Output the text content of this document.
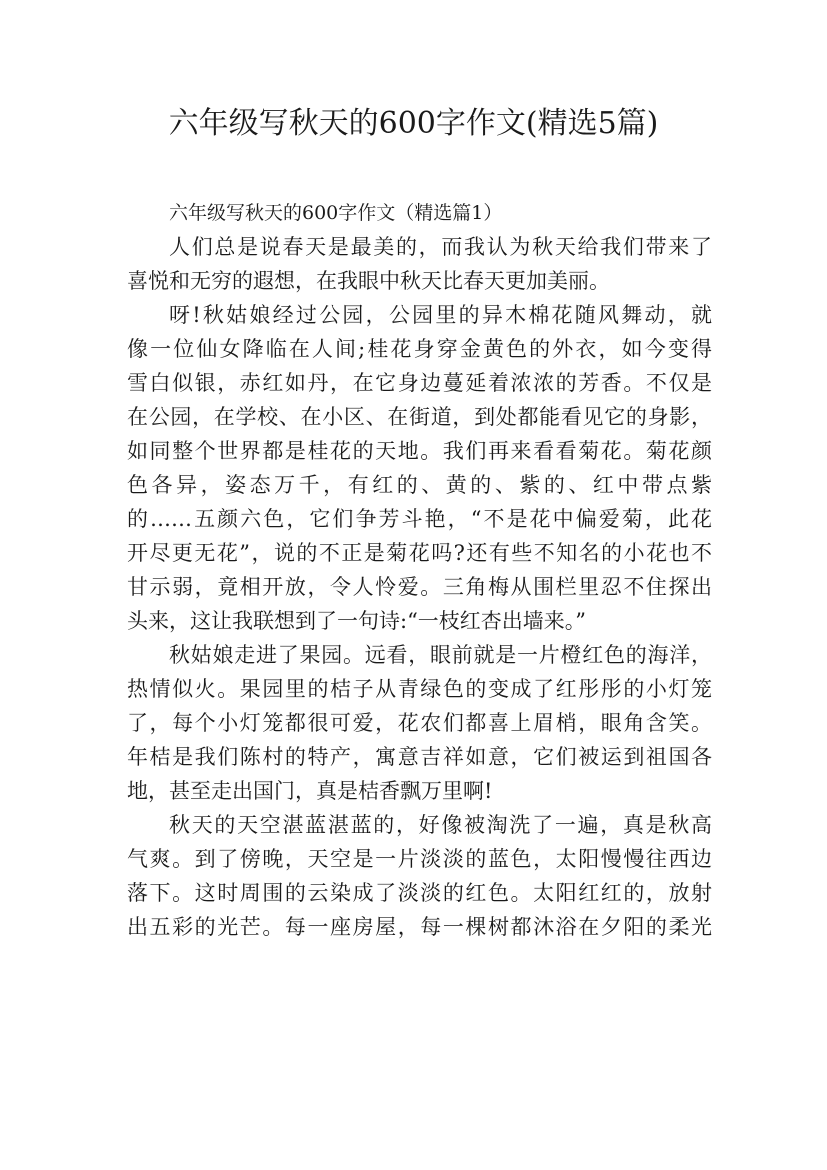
六年级写秋天的600字作文(精选5篇)

六年级写秋天的600字作文（精选篇1）

人们总是说春天是最美的，而我认为秋天给我们带来了
喜悦和无穷的遐想，在我眼中秋天比春天更加美丽。

呀!秋姑娘经过公园，公园里的异木棉花随风舞动，就
像一位仙女降临在人间;桂花身穿金黄色的外衣，如今变得
雪白似银，赤红如丹，在它身边蔓延着浓浓的芳香。不仅是
在公园，在学校、在小区、在街道，到处都能看见它的身影，
如同整个世界都是桂花的天地。我们再来看看菊花。菊花颜
色各异，姿态万千，有红的、黄的、紫的、红中带点紫
的……五颜六色，它们争芳斗艳，“不是花中偏爱菊，此花
开尽更无花”，说的不正是菊花吗?还有些不知名的小花也不
甘示弱，竟相开放，令人怜爱。三角梅从围栏里忍不住探出
头来，这让我联想到了一句诗:“一枝红杏出墙来。”

秋姑娘走进了果园。远看，眼前就是一片橙红色的海洋，
热情似火。果园里的桔子从青绿色的变成了红彤彤的小灯笼
了，每个小灯笼都很可爱，花农们都喜上眉梢，眼角含笑。
年桔是我们陈村的特产，寓意吉祥如意，它们被运到祖国各
地，甚至走出国门，真是桔香飘万里啊!

秋天的天空湛蓝湛蓝的，好像被淘洗了一遍，真是秋高
气爽。到了傍晚，天空是一片淡淡的蓝色，太阳慢慢往西边
落下。这时周围的云染成了淡淡的红色。太阳红红的，放射
出五彩的光芒。每一座房屋，每一棵树都沐浴在夕阳的柔光
